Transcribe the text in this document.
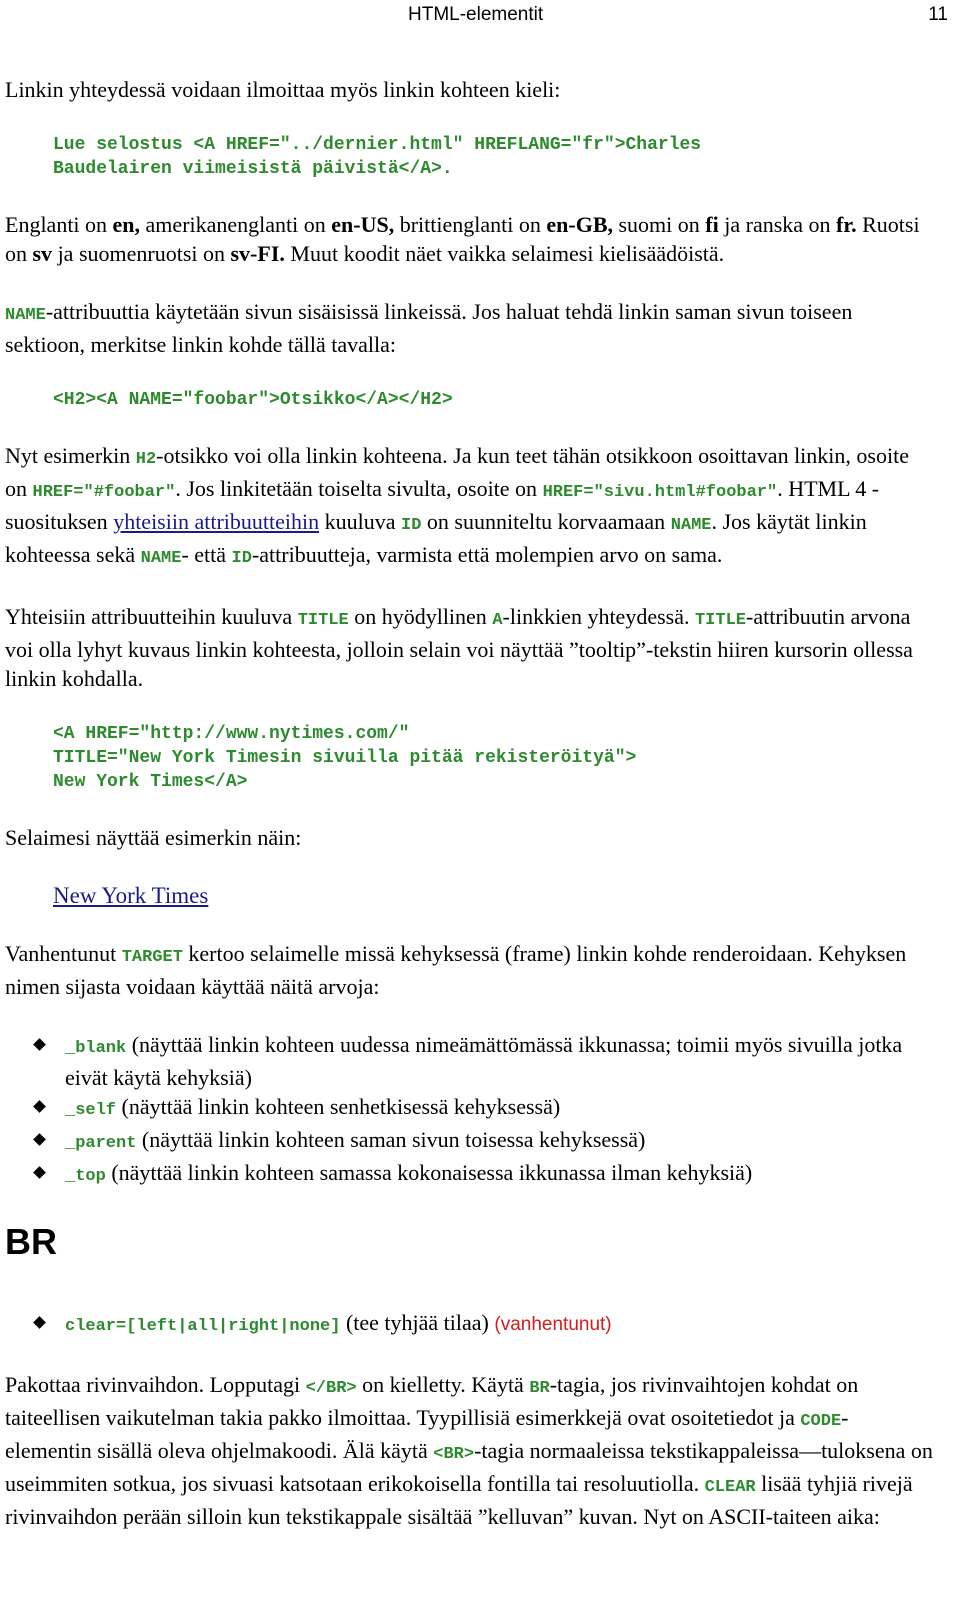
HTML-elementit	11

Linkin yhteydessä voidaan ilmoittaa myös linkin kohteen kieli:

Lue selostus <A HREF="../dernier.html" HREFLANG="fr">Charles
Baudelairen viimeisistä päivistä</A>.

Englanti on en, amerikanenglanti on en-US, brittienglanti on en-GB, suomi on fi ja ranska on fr. Ruotsi on sv ja suomenruotsi on sv-FI. Muut koodit näet vaikka selaimesi kielisäädöistä.

NAME-attribuuttia käytetään sivun sisäisissä linkeissä. Jos haluat tehdä linkin saman sivun toiseen sektioon, merkitse linkin kohde tällä tavalla:

<H2><A NAME="foobar">Otsikko</A></H2>

Nyt esimerkin H2-otsikko voi olla linkin kohteena. Ja kun teet tähän otsikkoon osoittavan linkin, osoite on HREF="#foobar". Jos linkitetään toiselta sivulta, osoite on HREF="sivu.html#foobar". HTML 4 -suosituksen yhteisiin attribuutteihin kuuluva ID on suunniteltu korvaamaan NAME. Jos käytät linkin kohteessa sekä NAME- että ID-attribuutteja, varmista että molempien arvo on sama.

Yhteisiin attribuutteihin kuuluva TITLE on hyödyllinen A-linkkien yhteydessä. TITLE-attribuutin arvona voi olla lyhyt kuvaus linkin kohteesta, jolloin selain voi näyttää ”tooltip”-tekstin hiiren kursorin ollessa linkin kohdalla.

<A HREF="http://www.nytimes.com/"
TITLE="New York Timesin sivuilla pitää rekisteröityä">
New York Times</A>

Selaimesi näyttää esimerkin näin:

New York Times

Vanhentunut TARGET kertoo selaimelle missä kehyksessä (frame) linkin kohde renderoidaan. Kehyksen nimen sijasta voidaan käyttää näitä arvoja:

_blank (näyttää linkin kohteen uudessa nimeämättömässä ikkunassa; toimii myös sivuilla jotka eivät käytä kehyksiä)
_self (näyttää linkin kohteen senhetkisessä kehyksessä)
_parent (näyttää linkin kohteen saman sivun toisessa kehyksessä)
_top (näyttää linkin kohteen samassa kokonaisessa ikkunassa ilman kehyksiä)
BR
clear=[left|all|right|none] (tee tyhjää tilaa) (vanhentunut)

Pakottaa rivinvaihdon. Lopputagi </BR> on kielletty. Käytä BR-tagia, jos rivinvaihtojen kohdat on taiteellisen vaikutelman takia pakko ilmoittaa. Tyypillisiä esimerkkejä ovat osoitetiedot ja CODE-elementin sisällä oleva ohjelmakoodi. Älä käytä <BR>-tagia normaaleissa tekstikappaleissa—tuloksena on useimmiten sotkua, jos sivuasi katsotaan erikokoisella fontilla tai resoluutiolla. CLEAR lisää tyhjiä rivejä rivinvaihdon perään silloin kun tekstikappale sisältää ”kelluvan” kuvan. Nyt on ASCII-taiteen aika:
